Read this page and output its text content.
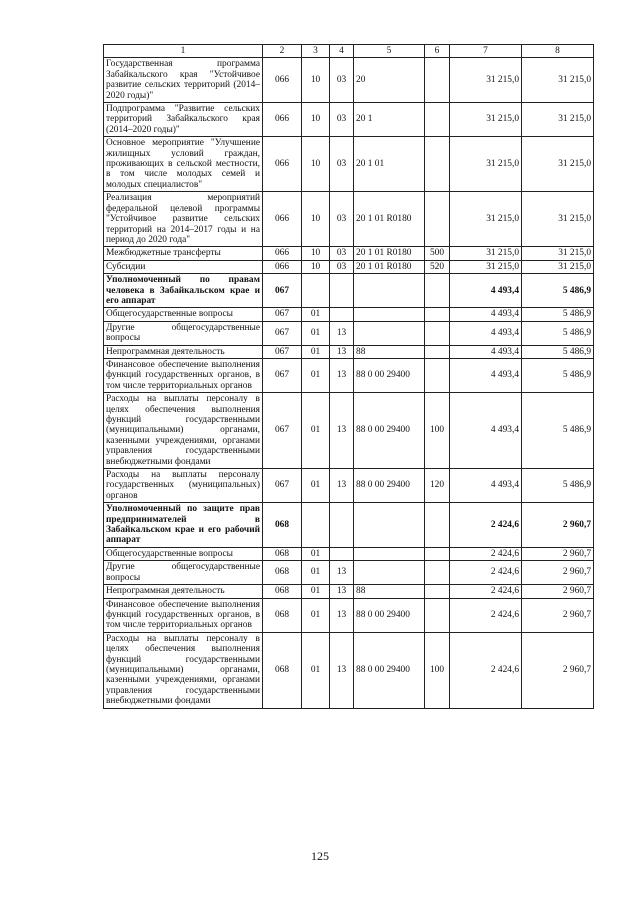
1	2	3	4	5	6	7	8
Государственная программа Забайкальского края "Устойчивое развитие сельских территорий (2014–2020 годы)"	066	10	03	20		31 215,0	31 215,0
Подпрограмма "Развитие сельских территорий Забайкальского края (2014–2020 годы)"	066	10	03	20 1		31 215,0	31 215,0
Основное мероприятие "Улучшение жилищных условий граждан, проживающих в сельской местности, в том числе молодых семей и молодых специалистов"	066	10	03	20 1 01		31 215,0	31 215,0
Реализация мероприятий федеральной целевой программы "Устойчивое развитие сельских территорий на 2014–2017 годы и на период до 2020 года"	066	10	03	20 1 01 R0180		31 215,0	31 215,0
Межбюджетные трансферты	066	10	03	20 1 01 R0180	500	31 215,0	31 215,0
Субсидии	066	10	03	20 1 01 R0180	520	31 215,0	31 215,0
Уполномоченный по правам человека в Забайкальском крае и его аппарат	067					4 493,4	5 486,9
Общегосударственные вопросы	067	01				4 493,4	5 486,9
Другие общегосударственные вопросы	067	01	13			4 493,4	5 486,9
Непрограммная деятельность	067	01	13	88		4 493,4	5 486,9
Финансовое обеспечение выполнения функций государственных органов, в том числе территориальных органов	067	01	13	88 0 00 29400		4 493,4	5 486,9
Расходы на выплаты персоналу в целях обеспечения выполнения функций государственными (муниципальными) органами, казенными учреждениями, органами управления государственными внебюджетными фондами	067	01	13	88 0 00 29400	100	4 493,4	5 486,9
Расходы на выплаты персоналу государственных (муниципальных) органов	067	01	13	88 0 00 29400	120	4 493,4	5 486,9
Уполномоченный по защите прав предпринимателей в Забайкальском крае и его рабочий аппарат	068					2 424,6	2 960,7
Общегосударственные вопросы	068	01				2 424,6	2 960,7
Другие общегосударственные вопросы	068	01	13			2 424,6	2 960,7
Непрограммная деятельность	068	01	13	88		2 424,6	2 960,7
Финансовое обеспечение выполнения функций государственных органов, в том числе территориальных органов	068	01	13	88 0 00 29400		2 424,6	2 960,7
Расходы на выплаты персоналу в целях обеспечения выполнения функций государственными (муниципальными) органами, казенными учреждениями, органами управления государственными внебюджетными фондами	068	01	13	88 0 00 29400	100	2 424,6	2 960,7
125
